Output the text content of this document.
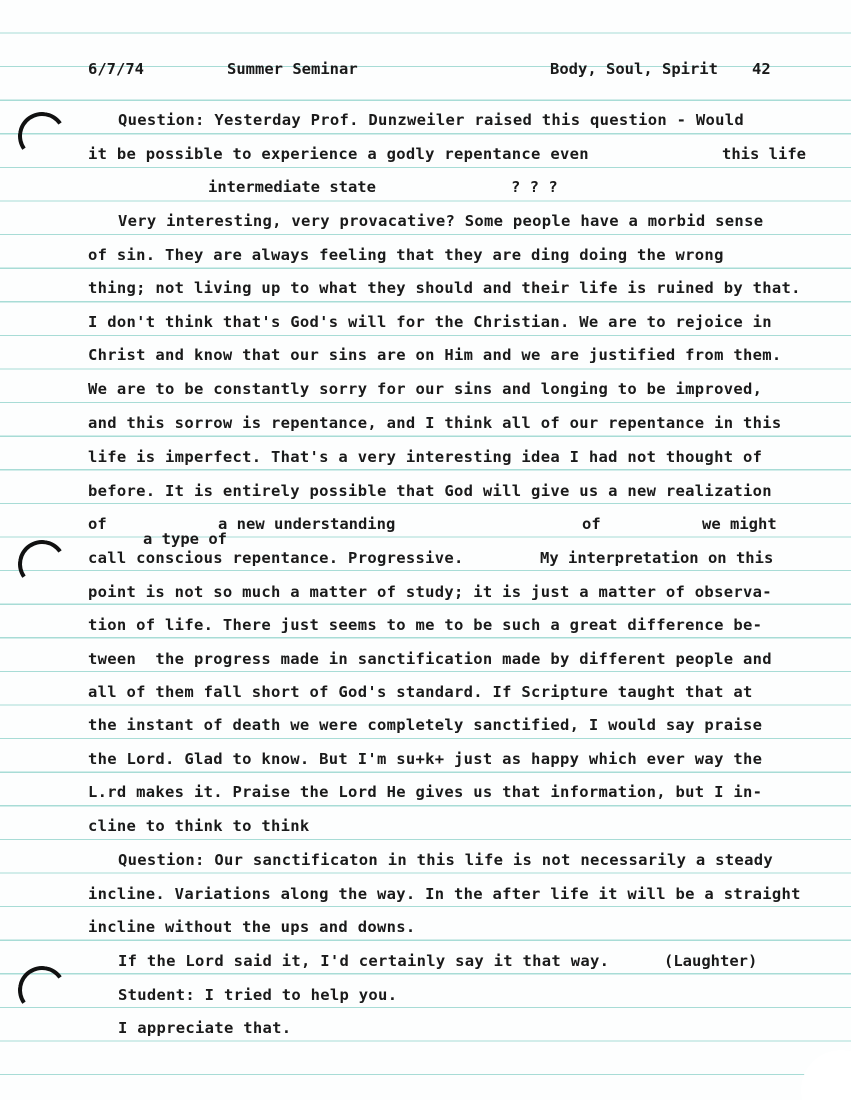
6/7/74	Summer Seminar	Body, Soul, Spirit 42
Question: Yesterday Prof. Dunzweiler raised this question - Would
it be possible to experience a godly repentance even	this life
intermediate state	? ? ?
Very interesting, very provacative? Some people have a morbid sense
of sin. They are always feeling that they are ding doing the wrong
thing; not living up to what they should and their life is ruined by that.
I don't think that's God's will for the Christian. We are to rejoice in
Christ and know that our sins are on Him and we are justified from them.
We are to be constantly sorry for our sins and longing to be improved,
and this sorrow is repentance, and I think all of our repentance in this
life is imperfect. That's a very interesting idea I had not thought of
before. It is entirely possible that God will give us a new realization
of	a new understanding	of	we might
a type of
call conscious repentance. Progressive.	My interpretation on this
point is not so much a matter of study; it is just a matter of observa-
tion of life. There just seems to me to be such a great difference be-
tween  the progress made in sanctification made by different people and
all of them fall short of God's standard. If Scripture taught that at
the instant of death we were completely sanctified, I would say praise
the Lord. Glad to know. But I'm su+k+ just as happy which ever way the
L.rd makes it. Praise the Lord He gives us that information, but I in-
cline to think to think
Question: Our sanctificaton in this life is not necessarily a steady
incline. Variations along the way. In the after life it will be a straight
incline without the ups and downs.
If the Lord said it, I'd certainly say it that way.	(Laughter)
Student: I tried to help you.
I appreciate that.
